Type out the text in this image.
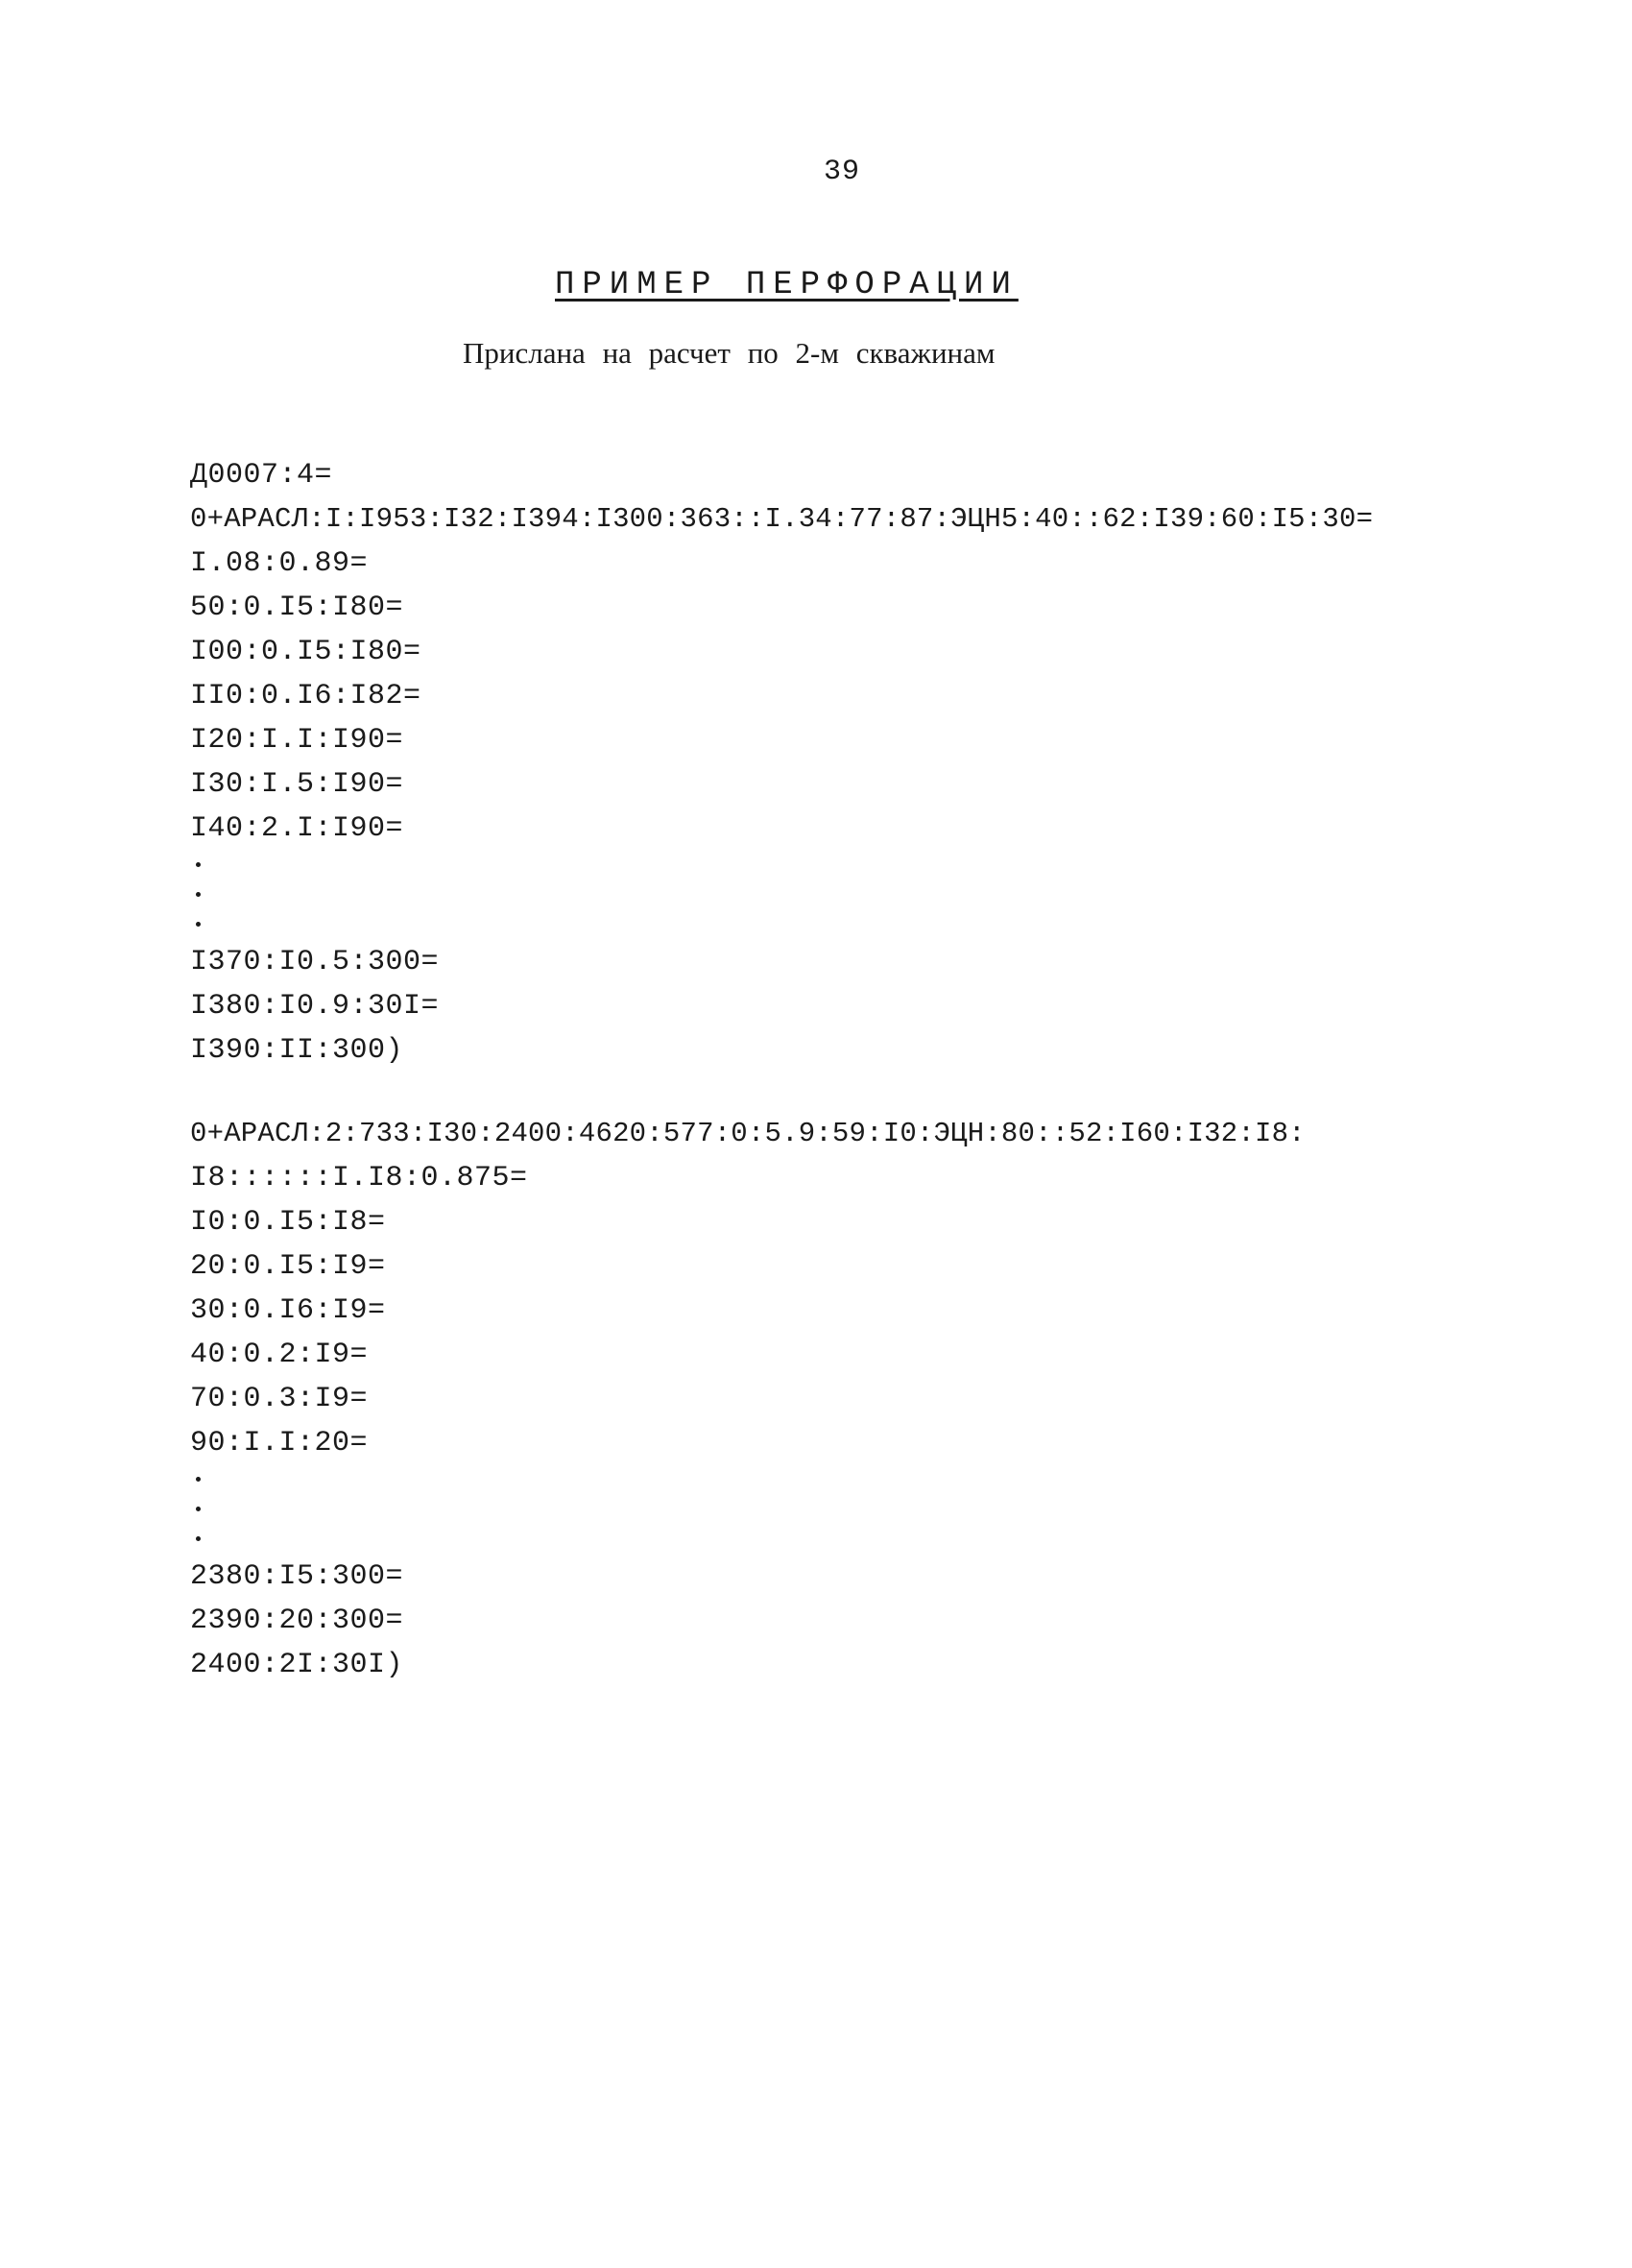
39
ПРИМЕР ПЕРФОРАЦИИ
Прислана на расчет по 2-м скважинам
Д0007:4=
0+АРАСЛ:I:I953:I32:I394:I300:363::I.34:77:87:ЭЦН5:40::62:I39:60:I5:30=
I.08:0.89=
50:0.I5:I80=
I00:0.I5:I80=
II0:0.I6:I82=
I20:I.I:I90=
I30:I.5:I90=
I40:2.I:I90=
I370:I0.5:300=
I380:I0.9:30I=
I390:II:300)
0+АРАСЛ:2:733:I30:2400:4620:577:0:5.9:59:I0:ЭЦН:80::52:I60:I32:I8:
I8::::::I.I8:0.875=
I0:0.I5:I8=
20:0.I5:I9=
30:0.I6:I9=
40:0.2:I9=
70:0.3:I9=
90:I.I:20=
2380:I5:300=
2390:20:300=
2400:2I:30I)
